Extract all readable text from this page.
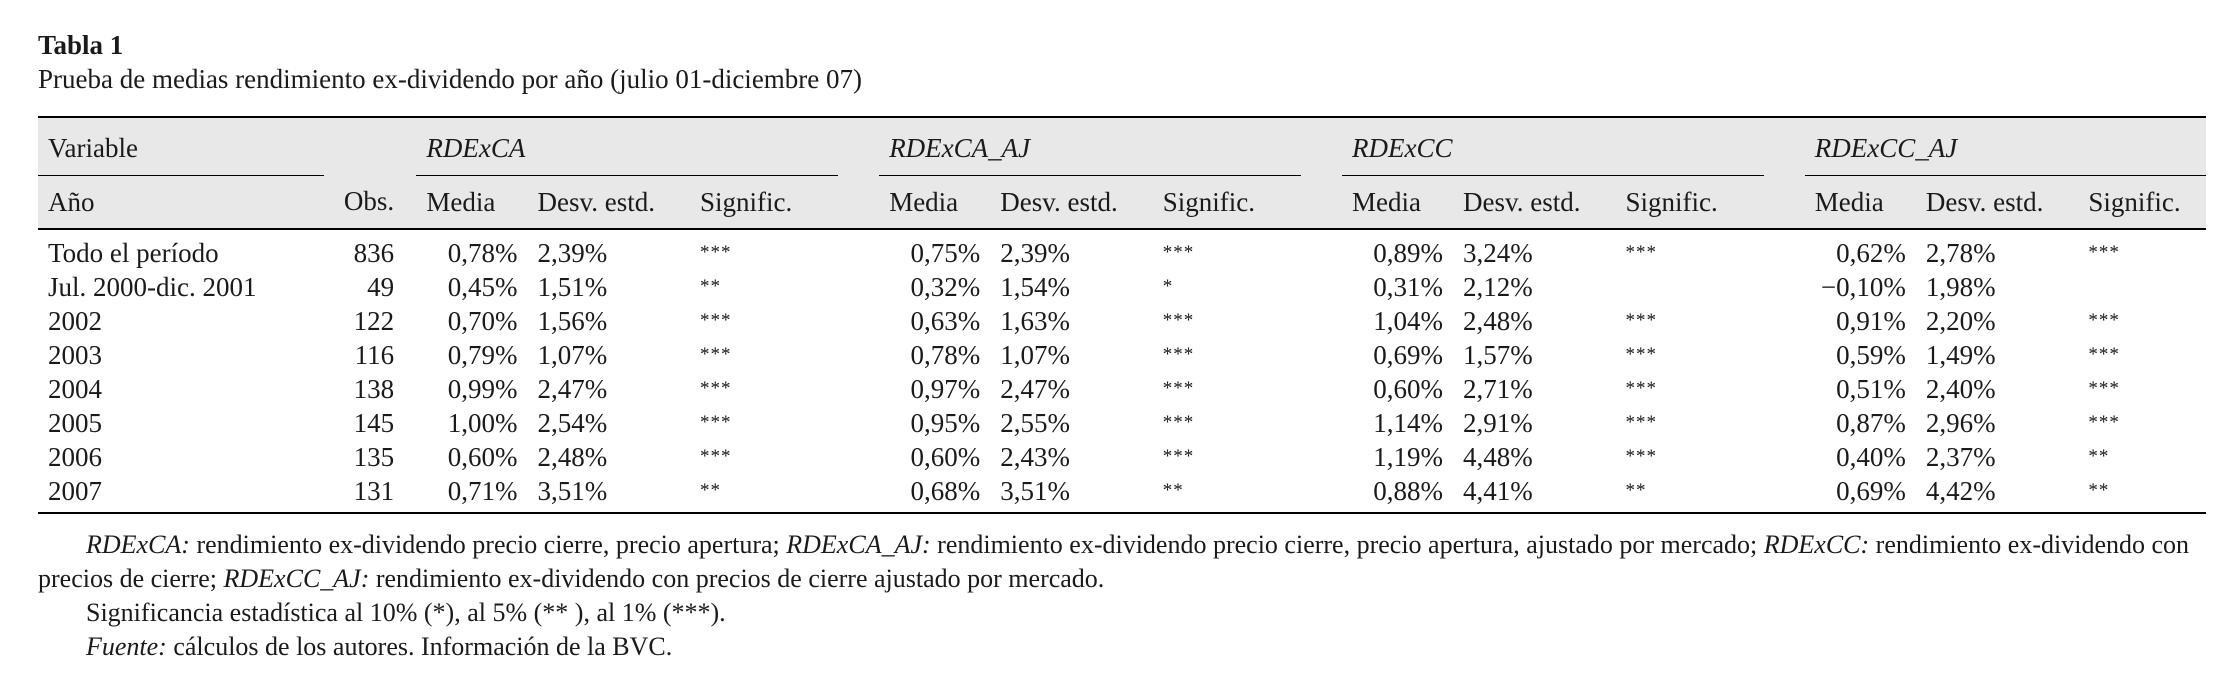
Tabla 1
Prueba de medias rendimiento ex-dividendo por año (julio 01-diciembre 07)
Variable			RDExCA				RDExCA_AJ				RDExCC				RDExCC_AJ		
Año	Obs.		Media	Desv. estd.	Signific.		Media	Desv. estd.	Signific.		Media	Desv. estd.	Signific.		Media	Desv. estd.	Signific.
Todo el período	836		0,78%	2,39%	***		0,75%	2,39%	***		0,89%	3,24%	***		0,62%	2,78%	***
Jul. 2000-dic. 2001	49		0,45%	1,51%	**		0,32%	1,54%	*		0,31%	2,12%			−0,10%	1,98%	
2002	122		0,70%	1,56%	***		0,63%	1,63%	***		1,04%	2,48%	***		0,91%	2,20%	***
2003	116		0,79%	1,07%	***		0,78%	1,07%	***		0,69%	1,57%	***		0,59%	1,49%	***
2004	138		0,99%	2,47%	***		0,97%	2,47%	***		0,60%	2,71%	***		0,51%	2,40%	***
2005	145		1,00%	2,54%	***		0,95%	2,55%	***		1,14%	2,91%	***		0,87%	2,96%	***
2006	135		0,60%	2,48%	***		0,60%	2,43%	***		1,19%	4,48%	***		0,40%	2,37%	**
2007	131		0,71%	3,51%	**		0,68%	3,51%	**		0,88%	4,41%	**		0,69%	4,42%	**

RDExCA: rendimiento ex-dividendo precio cierre, precio apertura; RDExCA_AJ: rendimiento ex-dividendo precio cierre, precio apertura, ajustado por mercado; RDExCC: rendimiento ex-dividendo con precios de cierre; RDExCC_AJ: rendimiento ex-dividendo con precios de cierre ajustado por mercado.

Significancia estadística al 10% (*), al 5% (** ), al 1% (***).

Fuente: cálculos de los autores. Información de la BVC.
